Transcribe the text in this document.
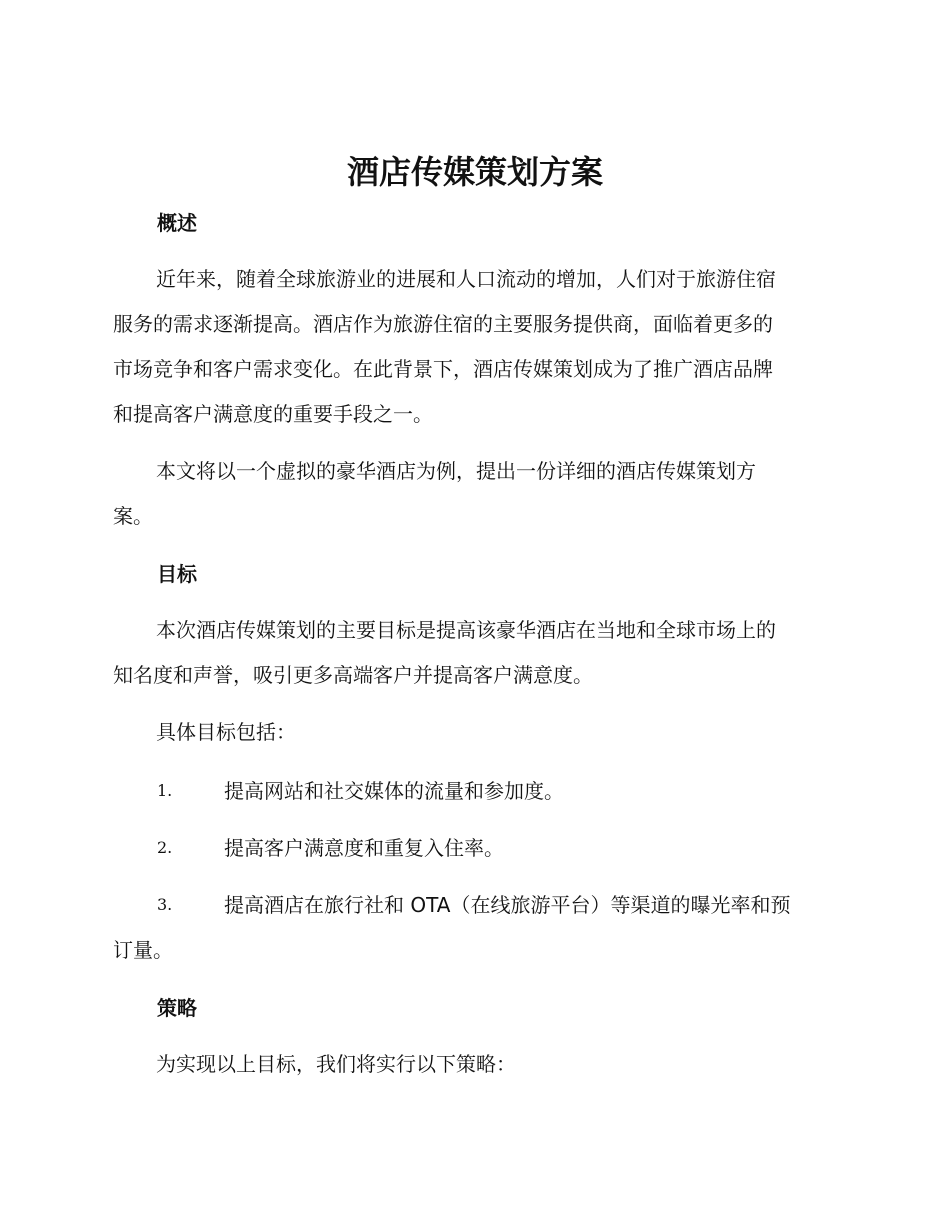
酒店传媒策划方案
概述
近年来，随着全球旅游业的进展和人口流动的增加，人们对于旅游住宿
服务的需求逐渐提高。酒店作为旅游住宿的主要服务提供商，面临着更多的
市场竞争和客户需求变化。在此背景下，酒店传媒策划成为了推广酒店品牌
和提高客户满意度的重要手段之一。
本文将以一个虚拟的豪华酒店为例，提出一份详细的酒店传媒策划方
案。
目标
本次酒店传媒策划的主要目标是提高该豪华酒店在当地和全球市场上的
知名度和声誉，吸引更多高端客户并提高客户满意度。
具体目标包括：
1.	提高网站和社交媒体的流量和参加度。
2.	提高客户满意度和重复入住率。
3.	提高酒店在旅行社和 OTA（在线旅游平台）等渠道的曝光率和预
订量。
策略
为实现以上目标，我们将实行以下策略：
